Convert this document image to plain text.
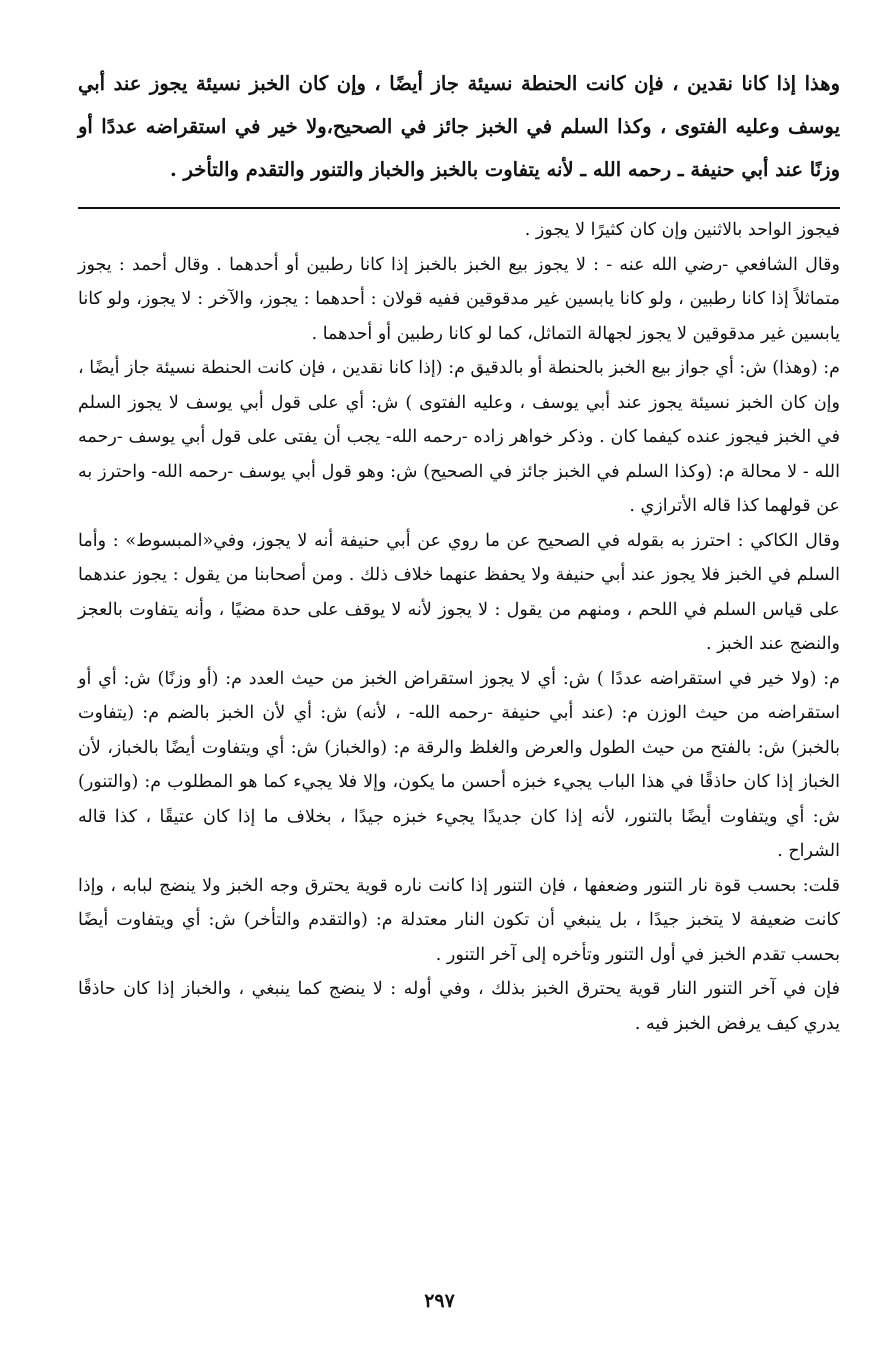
وهذا إذا كانا نقدين ، فإن كانت الحنطة نسيئة جاز أيضًا ، وإن كان الخبز نسيئة يجوز عند أبي يوسف وعليه الفتوى ، وكذا السلم في الخبز جائز في الصحيح،ولا خير في استقراضه عددًا أو وزنًا عند أبي حنيفة ـ رحمه الله ـ لأنه يتفاوت بالخبز والخباز والتنور والتقدم والتأخر .

فيجوز الواحد بالاثنين وإن كان كثيرًا لا يجوز .

وقال الشافعي -رضي الله عنه - : لا يجوز بيع الخبز بالخبز إذا كانا رطبين أو أحدهما . وقال أحمد : يجوز متماثلاً إذا كانا رطبين ، ولو كانا يابسين غير مدقوقين ففيه قولان : أحدهما : يجوز، والآخر : لا يجوز، ولو كانا يابسين غير مدقوقين لا يجوز لجهالة التماثل، كما لو كانا رطبين أو أحدهما .

م: (وهذا) ش: أي جواز بيع الخبز بالحنطة أو بالدقيق م: (إذا كانا نقدين ، فإن كانت الحنطة نسيئة جاز أيضًا ، وإن كان الخبز نسيئة يجوز عند أبي يوسف ، وعليه الفتوى ) ش: أي على قول أبي يوسف لا يجوز السلم في الخبز فيجوز عنده كيفما كان . وذكر خواهر زاده -رحمه الله- يجب أن يفتى على قول أبي يوسف -رحمه الله - لا محالة م: (وكذا السلم في الخبز جائز في الصحيح) ش: وهو قول أبي يوسف -رحمه الله- واحترز به عن قولهما كذا قاله الأترازي .

وقال الكاكي : احترز به بقوله في الصحيح عن ما روي عن أبي حنيفة أنه لا يجوز، وفي«المبسوط» : وأما السلم في الخبز فلا يجوز عند أبي حنيفة ولا يحفظ عنهما خلاف ذلك . ومن أصحابنا من يقول : يجوز عندهما على قياس السلم في اللحم ، ومنهم من يقول : لا يجوز لأنه لا يوقف على حدة مضيًا ، وأنه يتفاوت بالعجز والنضج عند الخبز .

م: (ولا خير في استقراضه عددًا ) ش: أي لا يجوز استقراض الخبز من حيث العدد م: (أو وزنًا) ش: أي أو استقراضه من حيث الوزن م: (عند أبي حنيفة -رحمه الله- ، لأنه) ش: أي لأن الخبز بالضم م: (يتفاوت بالخبز) ش: بالفتح من حيث الطول والعرض والغلظ والرقة م: (والخباز) ش: أي ويتفاوت أيضًا بالخباز، لأن الخباز إذا كان حاذقًا في هذا الباب يجيء خبزه أحسن ما يكون، وإلا فلا يجيء كما هو المطلوب م: (والتنور) ش: أي ويتفاوت أيضًا بالتنور، لأنه إذا كان جديدًا يجيء خبزه جيدًا ، بخلاف ما إذا كان عتيقًا ، كذا قاله الشراح .

قلت: بحسب قوة نار التنور وضعفها ، فإن التنور إذا كانت ناره قوية يحترق وجه الخبز ولا ينضج لبابه ، وإذا كانت ضعيفة لا يتخبز جيدًا ، بل ينبغي أن تكون النار معتدلة م: (والتقدم والتأخر) ش: أي ويتفاوت أيضًا بحسب تقدم الخبز في أول التنور وتأخره إلى آخر التنور .

فإن في آخر التنور النار قوية يحترق الخبز بذلك ، وفي أوله : لا ينضج كما ينبغي ، والخباز إذا كان حاذقًا يدري كيف يرفض الخبز فيه .

٢٩٧
